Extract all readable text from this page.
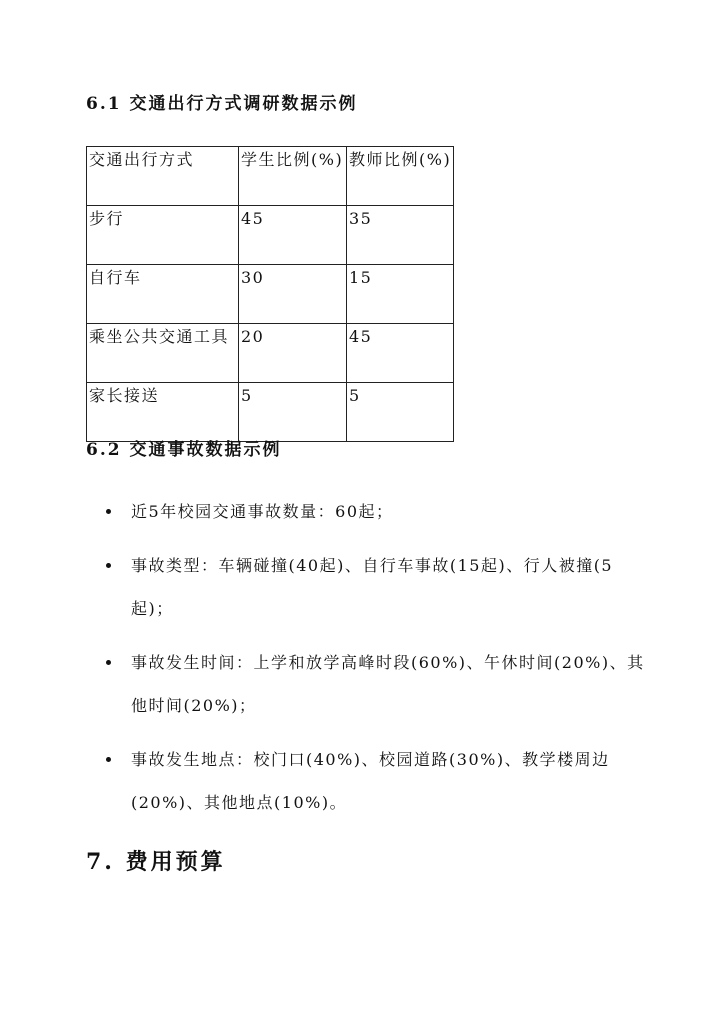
6.1 交通出行方式调研数据示例
交通出行方式	学生比例(%)	教师比例(%)
步行	45	35
自行车	30	15
乘坐公共交通工具	20	45
家长接送	5	5
6.2 交通事故数据示例
近5年校园交通事故数量：60起；
事故类型：车辆碰撞(40起)、自行车事故(15起)、行人被撞(5起)；
事故发生时间：上学和放学高峰时段(60%)、午休时间(20%)、其他时间(20%)；
事故发生地点：校门口(40%)、校园道路(30%)、教学楼周边(20%)、其他地点(10%)。
7. 费用预算
